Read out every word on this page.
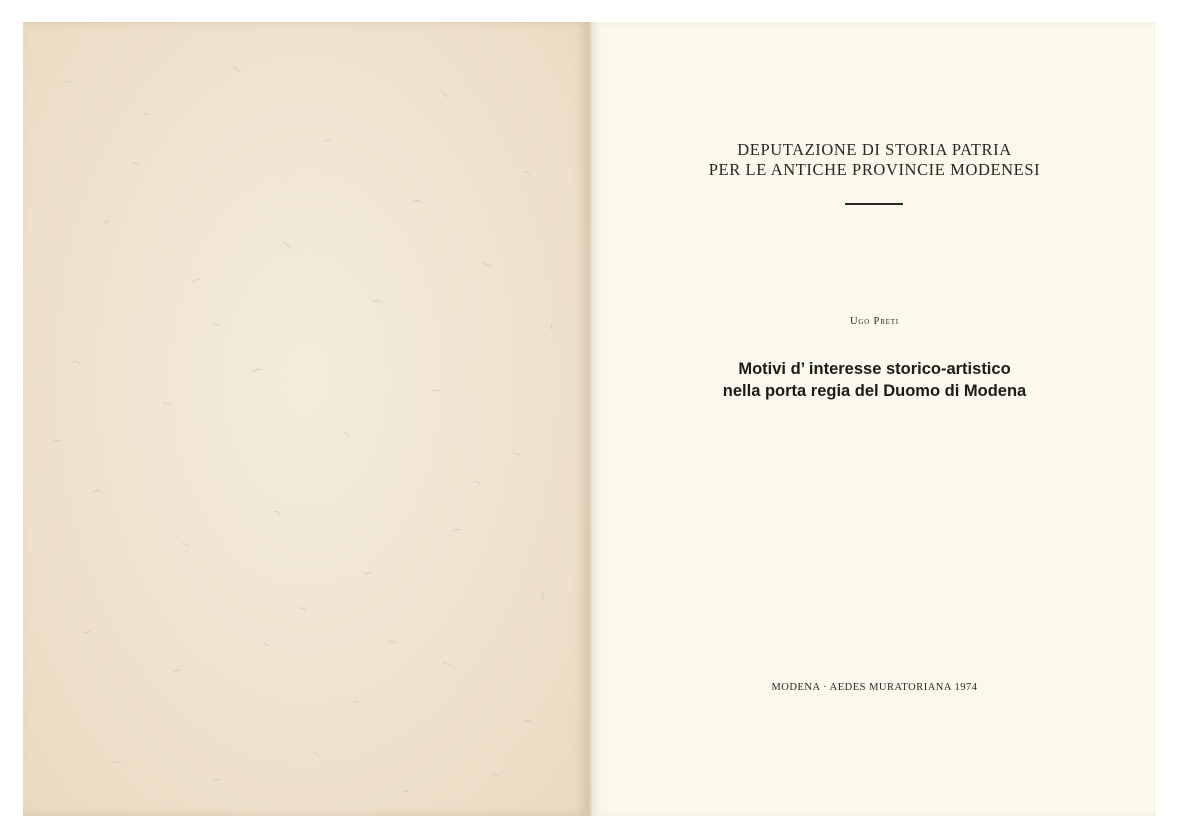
DEPUTAZIONE DI STORIA PATRIA
PER LE ANTICHE PROVINCIE MODENESI
Ugo Preti
Motivi d’ interesse storico-artistico
nella porta regia del Duomo di Modena
MODENA · AEDES MURATORIANA 1974
